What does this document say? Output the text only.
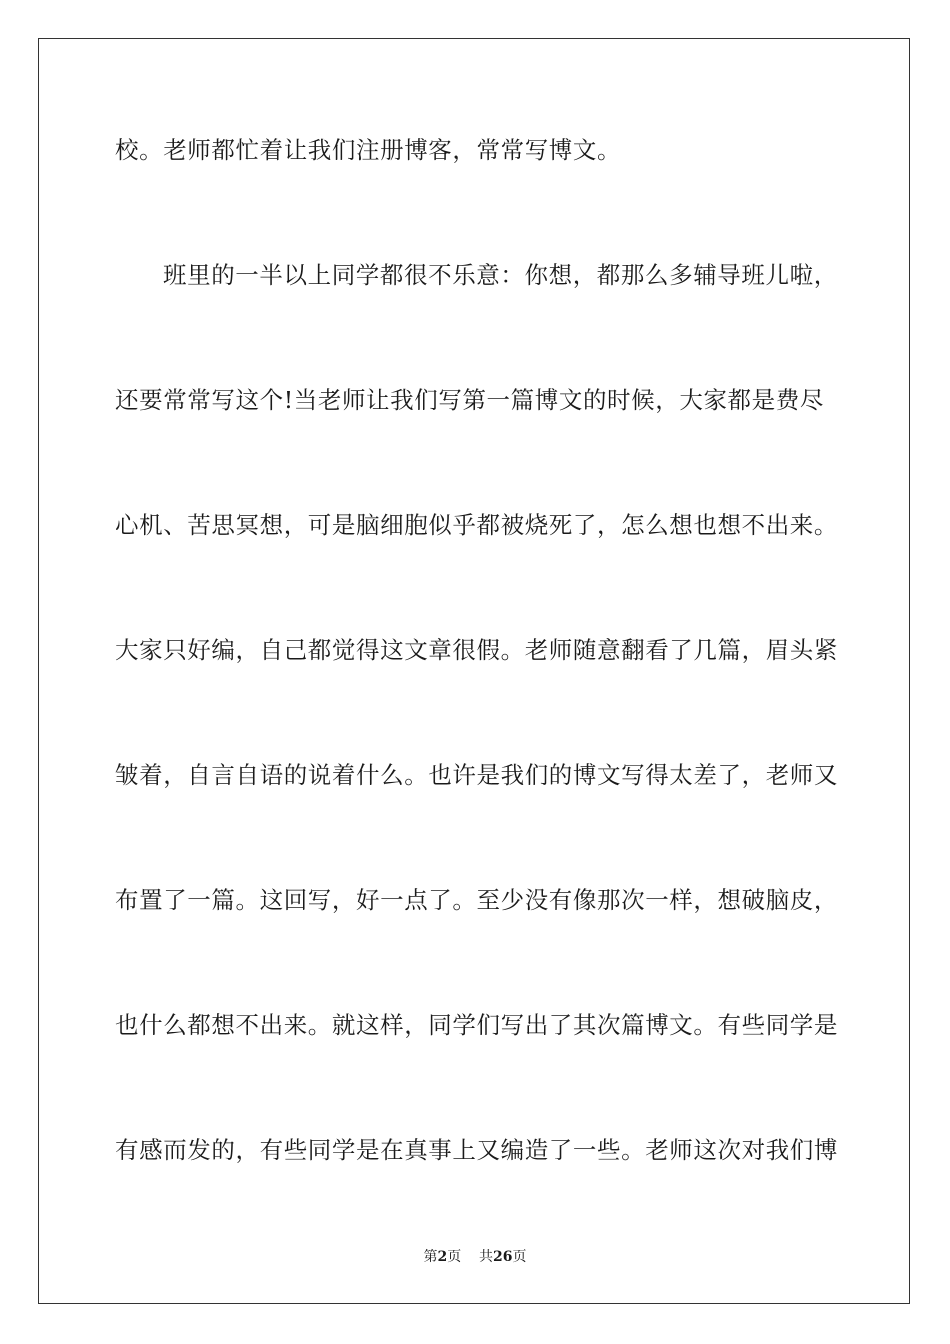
校。老师都忙着让我们注册博客，常常写博文。
班里的一半以上同学都很不乐意：你想，都那么多辅导班儿啦，
还要常常写这个!当老师让我们写第一篇博文的时候，大家都是费尽
心机、苦思冥想，可是脑细胞似乎都被烧死了，怎么想也想不出来。
大家只好编，自己都觉得这文章很假。老师随意翻看了几篇，眉头紧
皱着，自言自语的说着什么。也许是我们的博文写得太差了，老师又
布置了一篇。这回写，好一点了。至少没有像那次一样，想破脑皮，
也什么都想不出来。就这样，同学们写出了其次篇博文。有些同学是
有感而发的，有些同学是在真事上又编造了一些。老师这次对我们博
第2页 共26页
